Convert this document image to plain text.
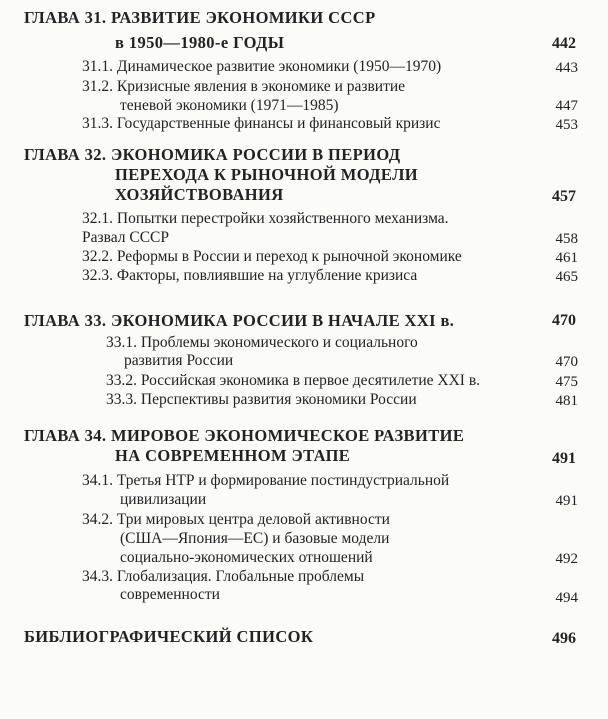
ГЛАВА 31. РАЗВИТИЕ ЭКОНОМИКИ СССР
в 1950—1980-е ГОДЫ	442
31.1. Динамическое развитие экономики (1950—1970)	443
31.2. Кризисные явления в экономике и развитие
теневой экономики (1971—1985)	447
31.3. Государственные финансы и финансовый кризис	453
ГЛАВА 32. ЭКОНОМИКА РОССИИ В ПЕРИОД
ПЕРЕХОДА К РЫНОЧНОЙ МОДЕЛИ
ХОЗЯЙСТВОВАНИЯ	457
32.1. Попытки перестройки хозяйственного механизма.
Развал СССР	458
32.2. Реформы в России и переход к рыночной экономике	461
32.3. Факторы, повлиявшие на углубление кризиса	465
ГЛАВА 33. ЭКОНОМИКА РОССИИ В НАЧАЛЕ XXI в.	470
33.1. Проблемы экономического и социального
развития России	470
33.2. Российская экономика в первое десятилетие XXI в.	475
33.3. Перспективы развития экономики России	481
ГЛАВА 34. МИРОВОЕ ЭКОНОМИЧЕСКОЕ РАЗВИТИЕ
НА СОВРЕМЕННОМ ЭТАПЕ	491
34.1. Третья НТР и формирование постиндустриальной
цивилизации	491
34.2. Три мировых центра деловой активности
(США—Япония—ЕС) и базовые модели
социально-экономических отношений	492
34.3. Глобализация. Глобальные проблемы
современности	494
БИБЛИОГРАФИЧЕСКИЙ СПИСОК	496
